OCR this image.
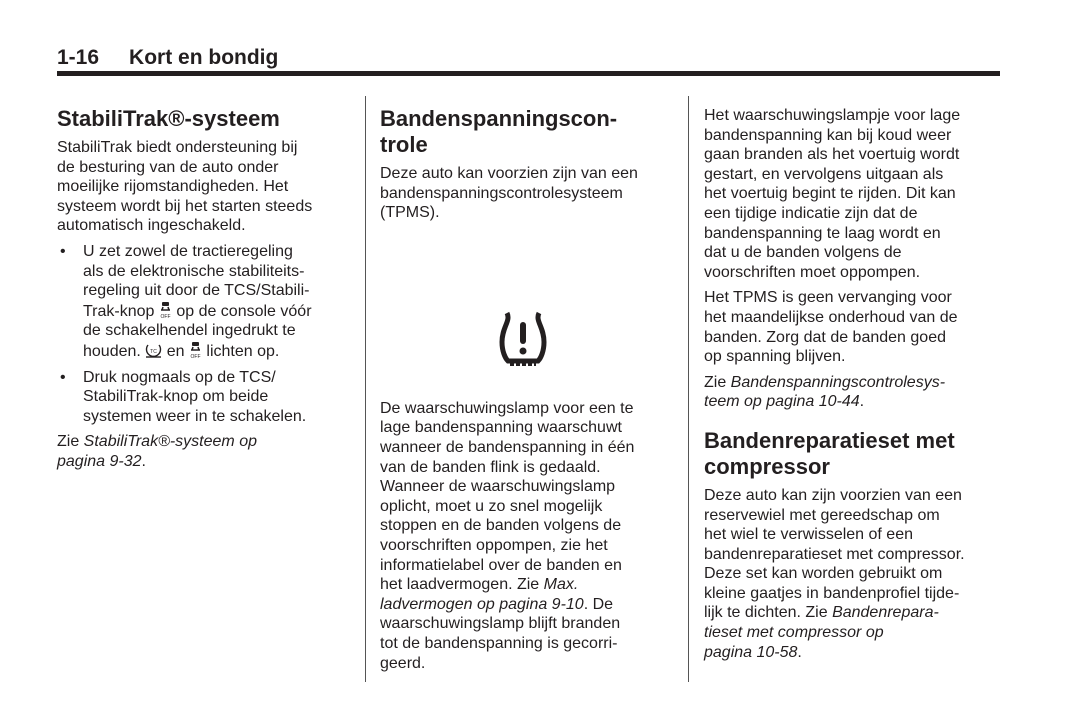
1-16 Kort en bondig
StabiliTrak®-systeem

StabiliTrak biedt ondersteuning bij
de besturing van de auto onder
moeilijke rijomstandigheden. Het
systeem wordt bij het starten steeds
automatisch ingeschakeld.

• U zet zowel de tractieregeling
als de elektronische stabiliteits-
regeling uit door de TCS/Stabili-
Trak-knop OFF op de console vóór
de schakelhendel ingedrukt te
houden. TC en OFF lichten op.
• Druk nogmaals op de TCS/
StabiliTrak-knop om beide
systemen weer in te schakelen.

Zie StabiliTrak®-systeem op
pagina 9-32.

Bandenspanningscon-
trole

Deze auto kan voorzien zijn van een
bandenspanningscontrolesysteem
(TPMS).

De waarschuwingslamp voor een te
lage bandenspanning waarschuwt
wanneer de bandenspanning in één
van de banden flink is gedaald.
Wanneer de waarschuwingslamp
oplicht, moet u zo snel mogelijk
stoppen en de banden volgens de
voorschriften oppompen, zie het
informatielabel over de banden en
het laadvermogen. Zie Max.
ladvermogen op pagina 9-10. De
waarschuwingslamp blijft branden
tot de bandenspanning is gecorri-
geerd.

Het waarschuwingslampje voor lage
bandenspanning kan bij koud weer
gaan branden als het voertuig wordt
gestart, en vervolgens uitgaan als
het voertuig begint te rijden. Dit kan
een tijdige indicatie zijn dat de
bandenspanning te laag wordt en
dat u de banden volgens de
voorschriften moet oppompen.

Het TPMS is geen vervanging voor
het maandelijkse onderhoud van de
banden. Zorg dat de banden goed
op spanning blijven.

Zie Bandenspanningscontrolesys-
teem op pagina 10-44.

Bandenreparatieset met
compressor

Deze auto kan zijn voorzien van een
reservewiel met gereedschap om
het wiel te verwisselen of een
bandenreparatieset met compressor.
Deze set kan worden gebruikt om
kleine gaatjes in bandenprofiel tijde-
lijk te dichten. Zie Bandenrepara-
tieset met compressor op
pagina 10-58.
